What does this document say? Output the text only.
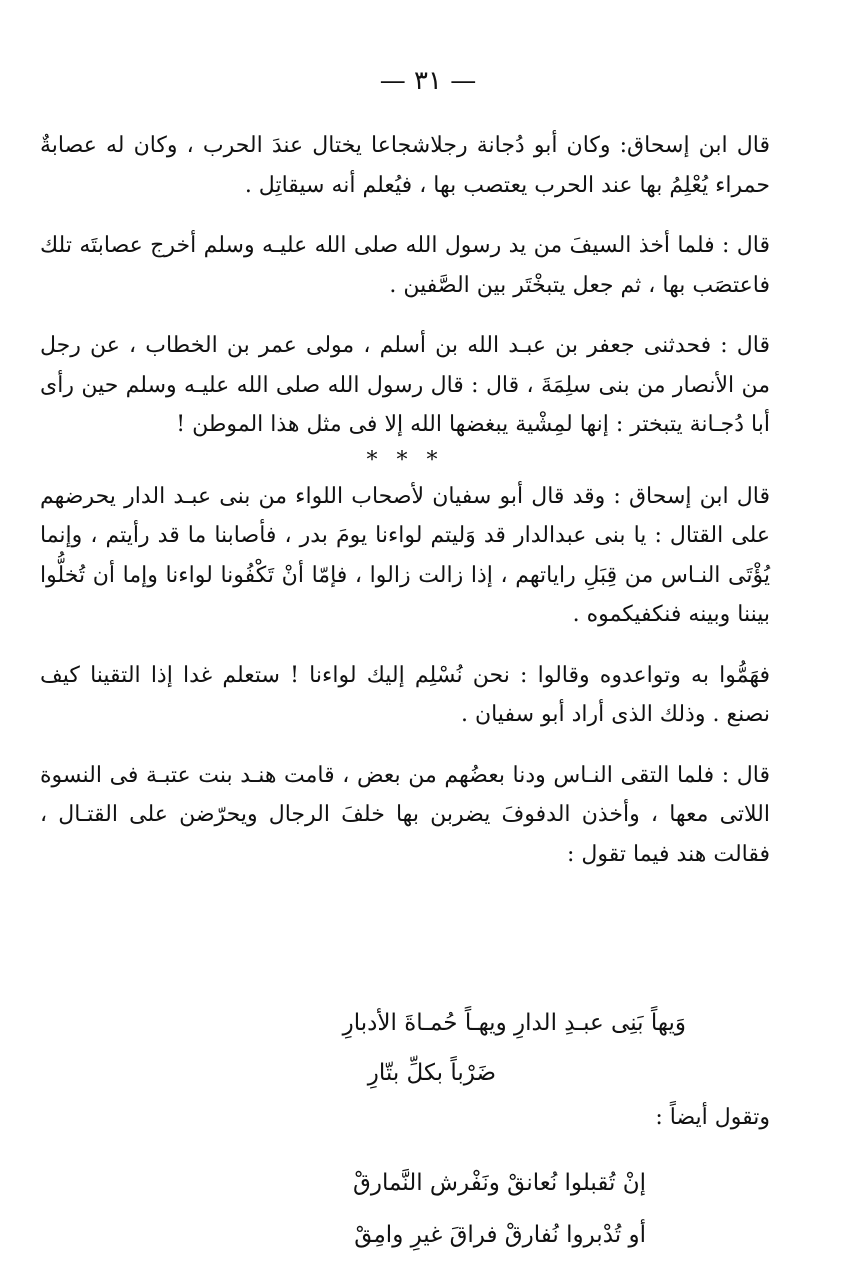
— ٣١ —

قال ابن إسحاق: وكان أبو دُجانة رجلاشجاعا يختال عندَ الحرب ، وكان له عصابةٌ حمراء يُعْلِمُ بها عند الحرب يعتصب بها ، فيُعلم أنه سيقاتِل .

قال : فلما أخذ السيفَ من يد رسول الله صلى الله عليـه وسلم أخرج عصابتَه تلك فاعتصَب بها ، ثم جعل يتبخْتَر بين الصَّفين .

قال : فحدثنى جعفر بن عبـد الله بن أسلم ، مولى عمر بن الخطاب ، عن رجل من الأنصار من بنى سلِمَةَ ، قال : قال رسول الله صلى الله عليـه وسلم حين رأى أبا دُجـانة يتبختر : إنها لمِشْية يبغضها الله إلا فى مثل هذا الموطن !

* * *

قال ابن إسحاق : وقد قال أبو سفيان لأصحاب اللواء من بنى عبـد الدار يحرضهم على القتال : يا بنى عبدالدار قد وَليتم لواءنا يومَ بدر ، فأصابنا ما قد رأيتم ، وإنما يُؤْتَى النـاس من قِبَلِ راياتهم ، إذا زالت زالوا ، فإمّا أنْ تَكْفُونا لواءنا وإما أن تُخلُّوا بيننا وبينه فنكفيكموه .

فهَمُّوا به وتواعدوه وقالوا : نحن نُسْلِم إليك لواءنا ! ستعلم غدا إذا التقينا كيف نصنع . وذلك الذى أراد أبو سفيان .

قال : فلما التقى النـاس ودنا بعضُهم من بعض ، قامت هنـد بنت عتبـة فى النسوة اللاتى معها ، وأخذن الدفوفَ يضربن بها خلفَ الرجال ويحرّضن على القتـال ، فقالت هند فيما تقول :

وَيهاً بَنِى عبـدِ الدارِ ويهـاً حُمـاةَ الأدبارِ
ضَرْباً بكلِّ بتّارِ
وتقول أيضاً :
إنْ تُقبلوا نُعانقْ ونَفْرش النَّمارقْ
أو تُدْبروا نُفارقْ فراقَ غيرِ وامِقْ
